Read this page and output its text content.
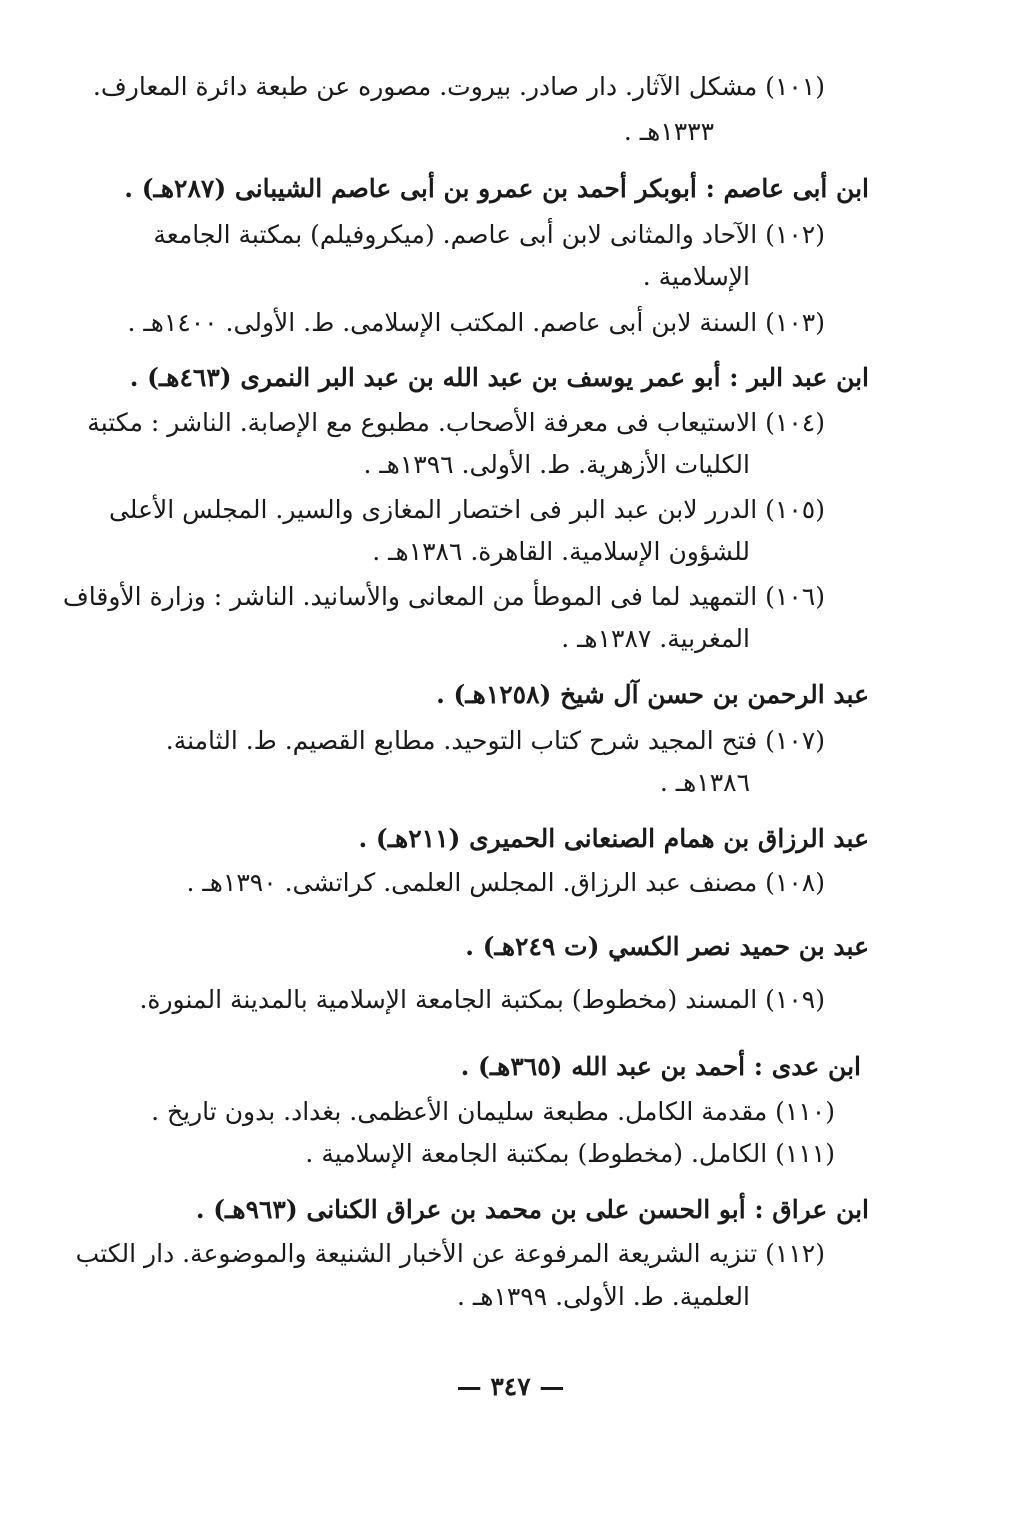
(١٠١) مشكل الآثار. دار صادر. بيروت. مصوره عن طبعة دائرة المعارف.
١٣٣٣هـ .
ابن أبى عاصم : أبوبكر أحمد بن عمرو بن أبى عاصم الشيبانى (٢٨٧هـ) .
(١٠٢) الآحاد والمثانى لابن أبى عاصم. (ميكروفيلم) بمكتبة الجامعة
الإسلامية .
(١٠٣) السنة لابن أبى عاصم. المكتب الإسلامى. ط. الأولى. ١٤٠٠هـ .
ابن عبد البر : أبو عمر يوسف بن عبد الله بن عبد البر النمرى (٤٦٣هـ) .
(١٠٤) الاستيعاب فى معرفة الأصحاب. مطبوع مع الإصابة. الناشر : مكتبة
الكليات الأزهرية. ط. الأولى. ١٣٩٦هـ .
(١٠٥) الدرر لابن عبد البر فى اختصار المغازى والسير. المجلس الأعلى
للشؤون الإسلامية. القاهرة. ١٣٨٦هـ .
(١٠٦) التمهيد لما فى الموطأ من المعانى والأسانيد. الناشر : وزارة الأوقاف
المغربية. ١٣٨٧هـ .
عبد الرحمن بن حسن آل شيخ (١٢٥٨هـ) .
(١٠٧) فتح المجيد شرح كتاب التوحيد. مطابع القصيم. ط. الثامنة.
١٣٨٦هـ .
عبد الرزاق بن همام الصنعانى الحميرى (٢١١هـ) .
(١٠٨) مصنف عبد الرزاق. المجلس العلمى. كراتشى. ١٣٩٠هـ .
عبد بن حميد نصر الكسي (ت ٢٤٩هـ) .
(١٠٩) المسند (مخطوط) بمكتبة الجامعة الإسلامية بالمدينة المنورة.
ابن عدى : أحمد بن عبد الله (٣٦٥هـ) .
(١١٠) مقدمة الكامل. مطبعة سليمان الأعظمى. بغداد. بدون تاريخ .
(١١١) الكامل. (مخطوط) بمكتبة الجامعة الإسلامية .
ابن عراق : أبو الحسن على بن محمد بن عراق الكنانى (٩٦٣هـ) .
(١١٢) تنزيه الشريعة المرفوعة عن الأخبار الشنيعة والموضوعة. دار الكتب
العلمية. ط. الأولى. ١٣٩٩هـ .
— ٣٤٧ —
